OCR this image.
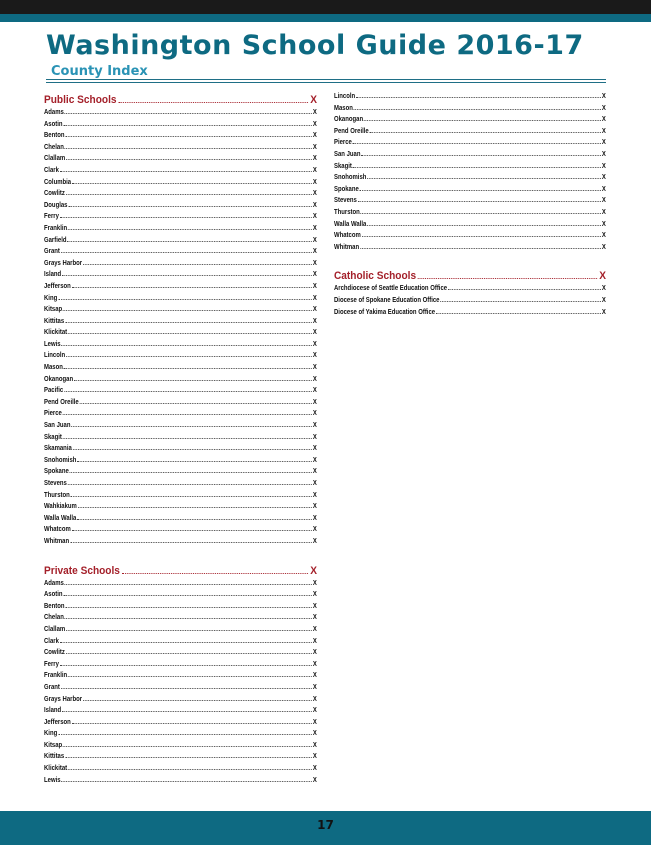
Washington School Guide 2016-17
County Index
Public Schools	X
Adams	X
Asotin	X
Benton	X
Chelan	X
Clallam	X
Clark	X
Columbia	X
Cowlitz	X
Douglas	X
Ferry	X
Franklin	X
Garfield	X
Grant	X
Grays Harbor	X
Island	X
Jefferson	X
King	X
Kitsap	X
Kittitas	X
Klickitat	X
Lewis	X
Lincoln	X
Mason	X
Okanogan	X
Pacific	X
Pend Oreille	X
Pierce	X
San Juan	X
Skagit	X
Skamania	X
Snohomish	X
Spokane	X
Stevens	X
Thurston	X
Wahkiakum	X
Walla Walla	X
Whatcom	X
Whitman	X
Private Schools	X
Adams	X
Asotin	X
Benton	X
Chelan	X
Clallam	X
Clark	X
Cowlitz	X
Ferry	X
Franklin	X
Grant	X
Grays Harbor	X
Island	X
Jefferson	X
King	X
Kitsap	X
Kittitas	X
Klickitat	X
Lewis	X
Lincoln	X
Mason	X
Okanogan	X
Pend Oreille	X
Pierce	X
San Juan	X
Skagit	X
Snohomish	X
Spokane	X
Stevens	X
Thurston	X
Walla Walla	X
Whatcom	X
Whitman	X
Catholic Schools	X
Archdiocese of Seattle Education Office	X
Diocese of Spokane Education Office	X
Diocese of Yakima Education Office	X
17
